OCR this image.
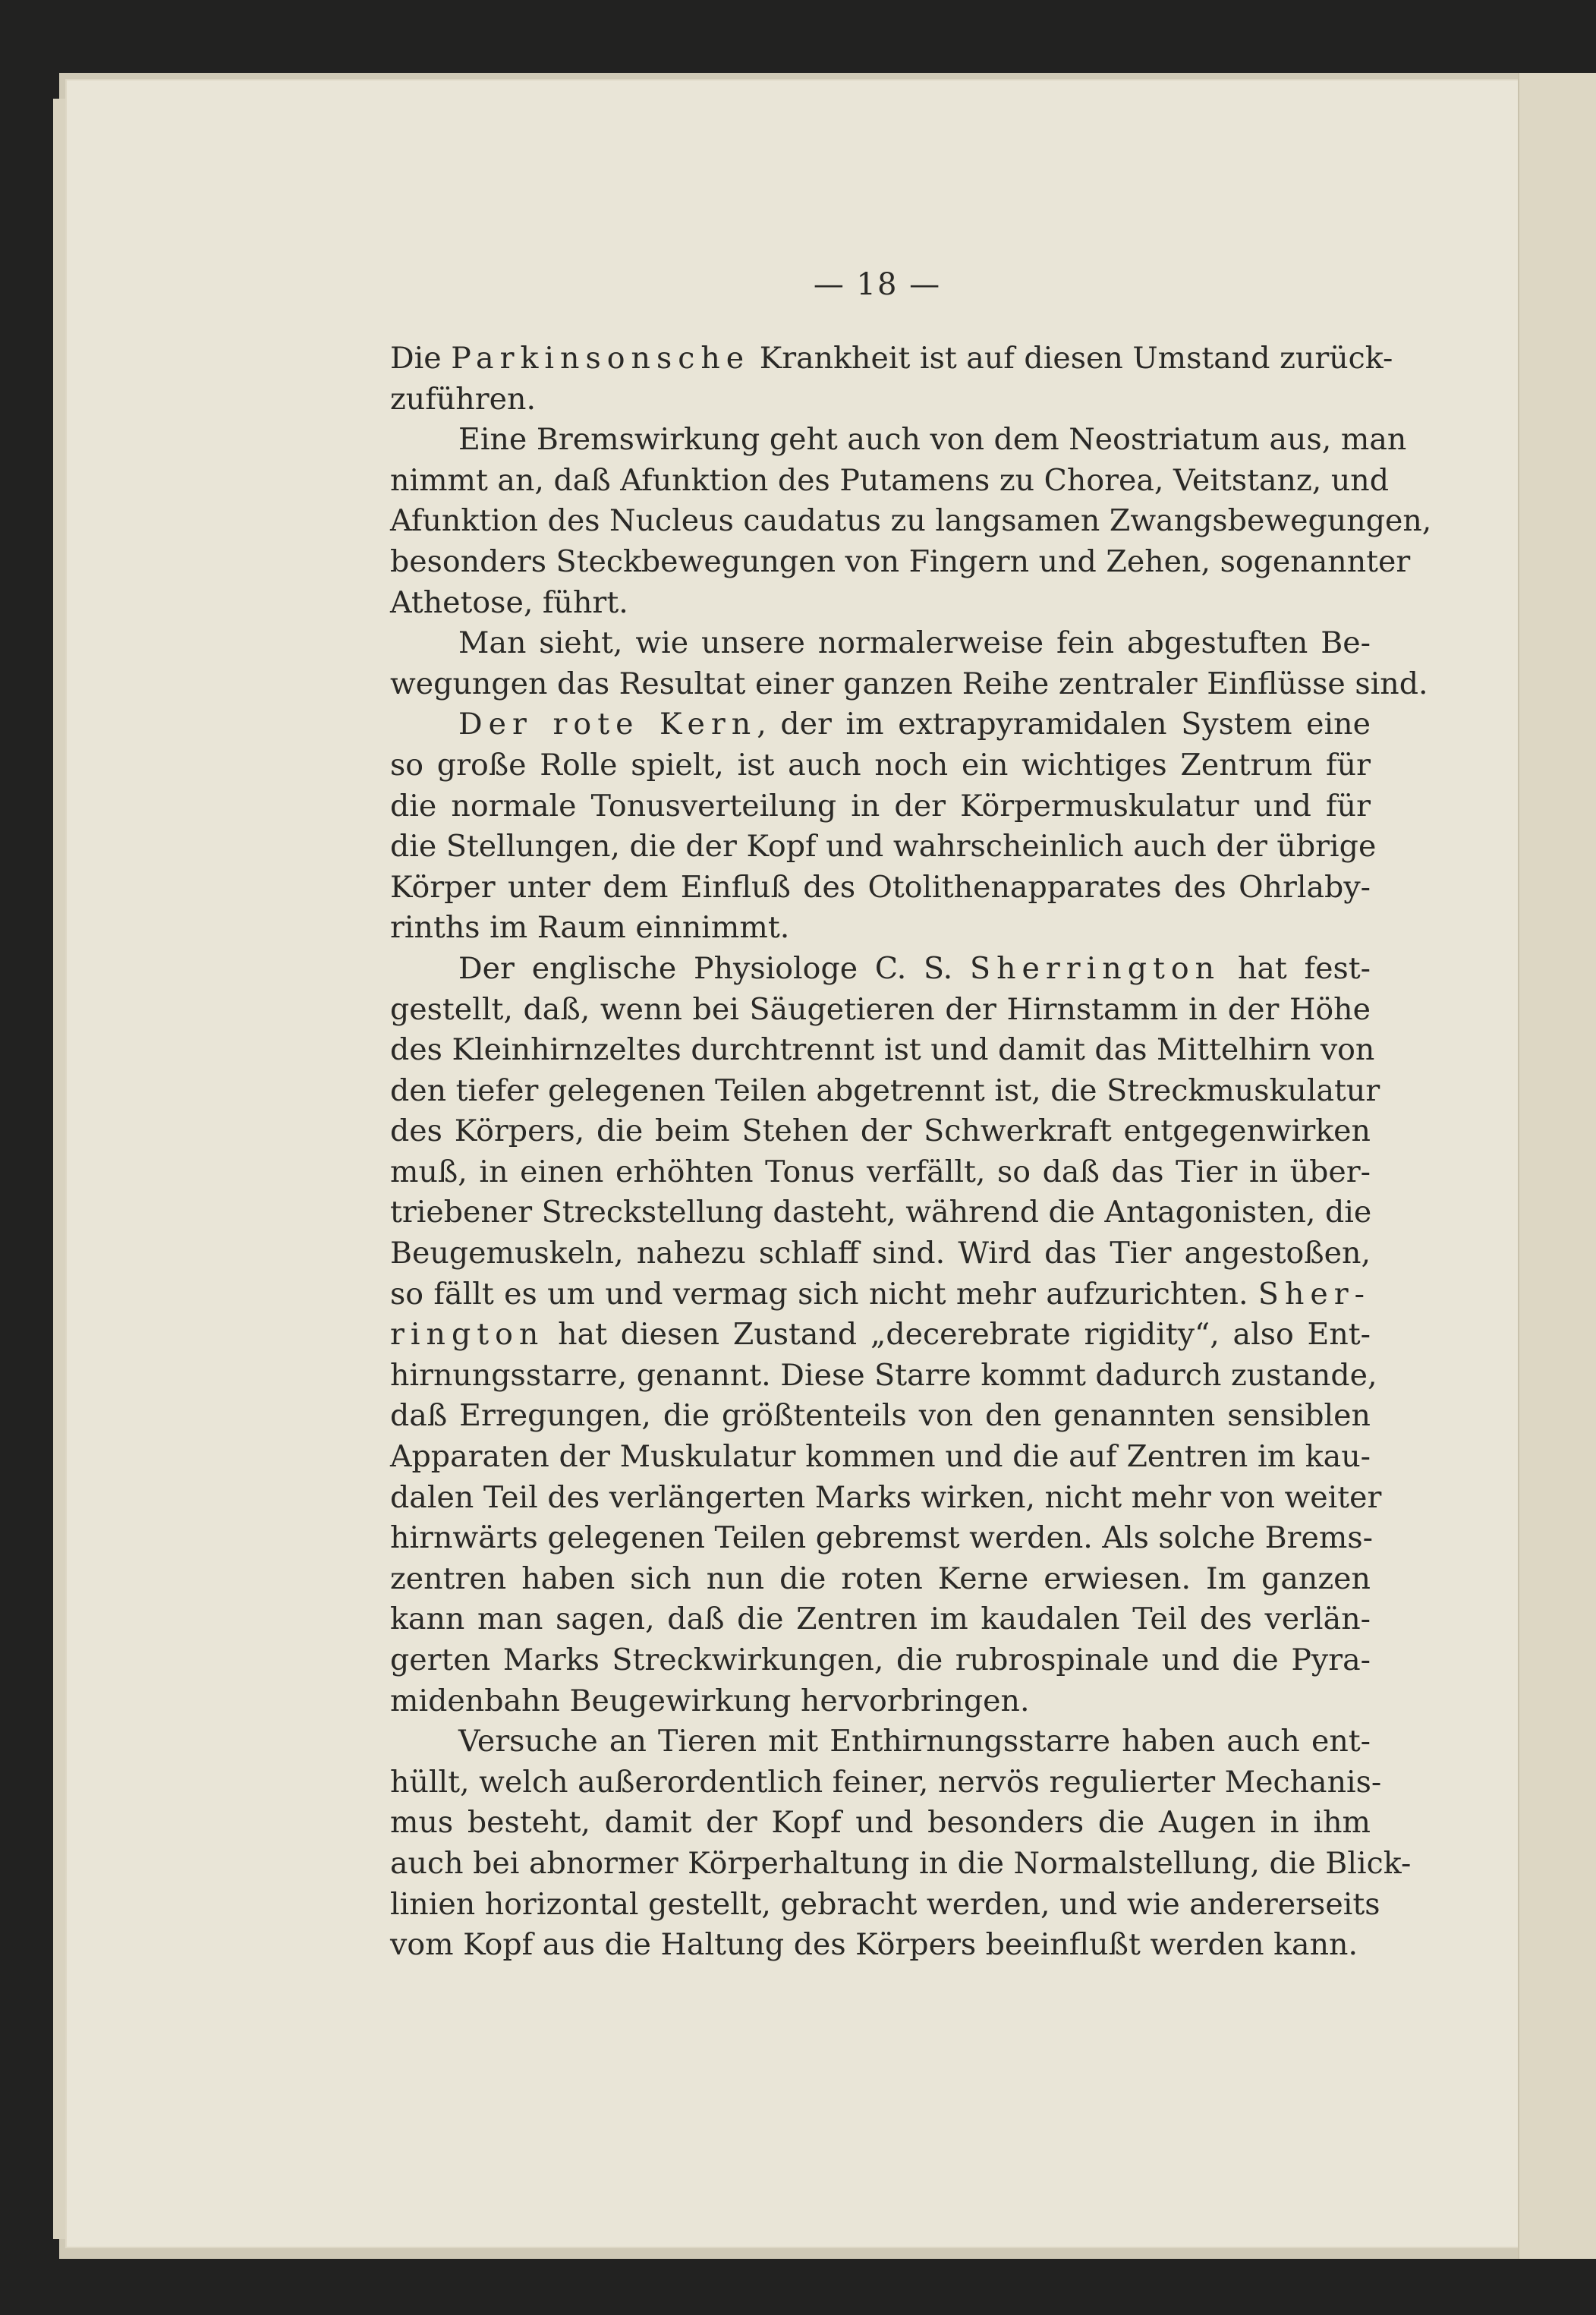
— 18 —

Die Parkinsonsche Krankheit ist auf diesen Umstand zurück-
zuführen.

Eine Bremswirkung geht auch von dem Neostriatum aus, man
nimmt an, daß Afunktion des Putamens zu Chorea, Veitstanz, und
Afunktion des Nucleus caudatus zu langsamen Zwangsbewegungen,
besonders Steckbewegungen von Fingern und Zehen, sogenannter
Athetose, führt.

Man sieht, wie unsere normalerweise fein abgestuften Be-
wegungen das Resultat einer ganzen Reihe zentraler Einflüsse sind.

Der rote Kern, der im extrapyramidalen System eine
so große Rolle spielt, ist auch noch ein wichtiges Zentrum für
die normale Tonusverteilung in der Körpermuskulatur und für
die Stellungen, die der Kopf und wahrscheinlich auch der übrige
Körper unter dem Einfluß des Otolithenapparates des Ohrlaby-
rinths im Raum einnimmt.

Der englische Physiologe C. S. Sherrington hat fest-
gestellt, daß, wenn bei Säugetieren der Hirnstamm in der Höhe
des Kleinhirnzeltes durchtrennt ist und damit das Mittelhirn von
den tiefer gelegenen Teilen abgetrennt ist, die Streckmuskulatur
des Körpers, die beim Stehen der Schwerkraft entgegenwirken
muß, in einen erhöhten Tonus verfällt, so daß das Tier in über-
triebener Streckstellung dasteht, während die Antagonisten, die
Beugemuskeln, nahezu schlaff sind. Wird das Tier angestoßen,
so fällt es um und vermag sich nicht mehr aufzurichten. Sher-
rington hat diesen Zustand „decerebrate rigidity“, also Ent-
hirnungsstarre, genannt. Diese Starre kommt dadurch zustande,
daß Erregungen, die größtenteils von den genannten sensiblen
Apparaten der Muskulatur kommen und die auf Zentren im kau-
dalen Teil des verlängerten Marks wirken, nicht mehr von weiter
hirnwärts gelegenen Teilen gebremst werden. Als solche Brems-
zentren haben sich nun die roten Kerne erwiesen. Im ganzen
kann man sagen, daß die Zentren im kaudalen Teil des verlän-
gerten Marks Streckwirkungen, die rubrospinale und die Pyra-
midenbahn Beugewirkung hervorbringen.

Versuche an Tieren mit Enthirnungsstarre haben auch ent-
hüllt, welch außerordentlich feiner, nervös regulierter Mechanis-
mus besteht, damit der Kopf und besonders die Augen in ihm
auch bei abnormer Körperhaltung in die Normalstellung, die Blick-
linien horizontal gestellt, gebracht werden, und wie andererseits
vom Kopf aus die Haltung des Körpers beeinflußt werden kann.
